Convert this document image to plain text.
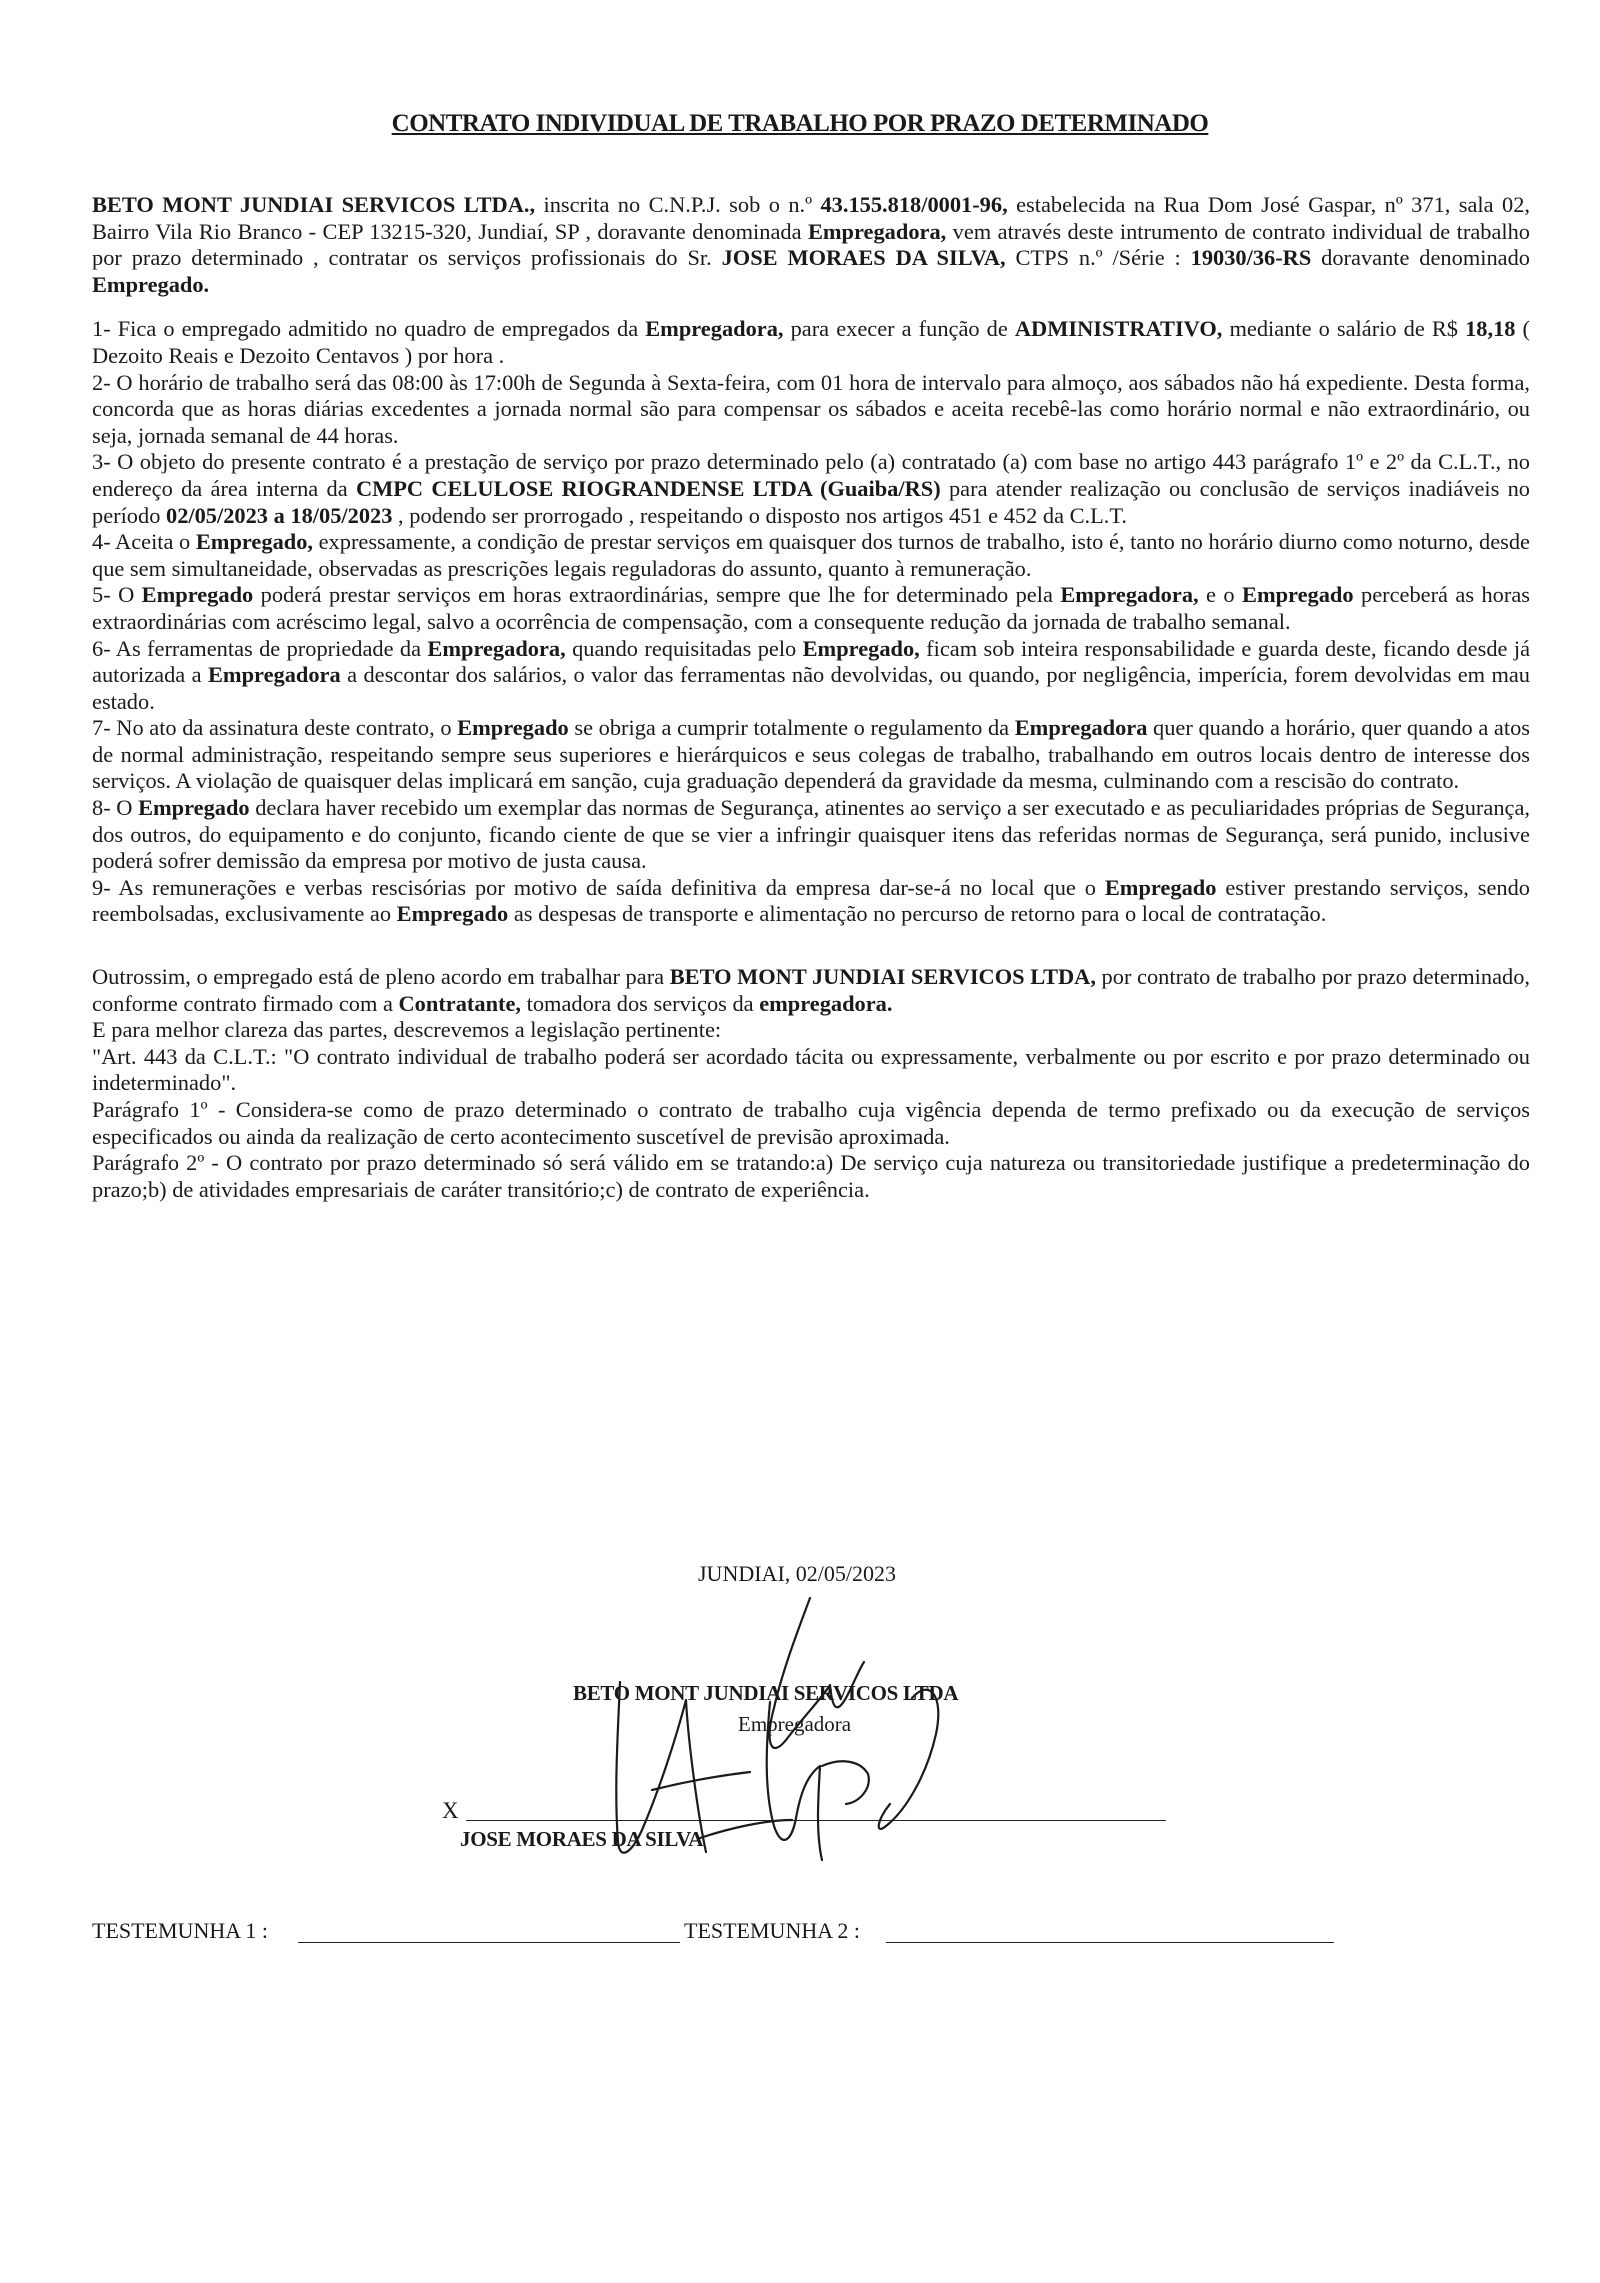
CONTRATO INDIVIDUAL DE TRABALHO POR PRAZO DETERMINADO

BETO MONT JUNDIAI SERVICOS LTDA., inscrita no C.N.P.J. sob o n.º 43.155.818/0001-96, estabelecida na Rua Dom José Gaspar, nº 371, sala 02, Bairro Vila Rio Branco - CEP 13215-320, Jundiaí, SP , doravante denominada Empregadora, vem através deste intrumento de contrato individual de trabalho por prazo determinado , contratar os serviços profissionais do Sr. JOSE MORAES DA SILVA, CTPS n.º /Série : 19030/36-RS doravante denominado Empregado.

1- Fica o empregado admitido no quadro de empregados da Empregadora, para execer a função de ADMINISTRATIVO, mediante o salário de R$ 18,18 ( Dezoito Reais e Dezoito Centavos ) por hora .

2- O horário de trabalho será das 08:00 às 17:00h de Segunda à Sexta-feira, com 01 hora de intervalo para almoço, aos sábados não há expediente. Desta forma, concorda que as horas diárias excedentes a jornada normal são para compensar os sábados e aceita recebê-las como horário normal e não extraordinário, ou seja, jornada semanal de 44 horas.

3- O objeto do presente contrato é a prestação de serviço por prazo determinado pelo (a) contratado (a) com base no artigo 443 parágrafo 1º e 2º da C.L.T., no endereço da área interna da CMPC CELULOSE RIOGRANDENSE LTDA (Guaiba/RS) para atender realização ou conclusão de serviços inadiáveis no período 02/05/2023 a 18/05/2023 , podendo ser prorrogado , respeitando o disposto nos artigos 451 e 452 da C.L.T.

4- Aceita o Empregado, expressamente, a condição de prestar serviços em quaisquer dos turnos de trabalho, isto é, tanto no horário diurno como noturno, desde que sem simultaneidade, observadas as prescrições legais reguladoras do assunto, quanto à remuneração.

5- O Empregado poderá prestar serviços em horas extraordinárias, sempre que lhe for determinado pela Empregadora, e o Empregado perceberá as horas extraordinárias com acréscimo legal, salvo a ocorrência de compensação, com a consequente redução da jornada de trabalho semanal.

6- As ferramentas de propriedade da Empregadora, quando requisitadas pelo Empregado, ficam sob inteira responsabilidade e guarda deste, ficando desde já autorizada a Empregadora a descontar dos salários, o valor das ferramentas não devolvidas, ou quando, por negligência, imperícia, forem devolvidas em mau estado.

7- No ato da assinatura deste contrato, o Empregado se obriga a cumprir totalmente o regulamento da Empregadora quer quando a horário, quer quando a atos de normal administração, respeitando sempre seus superiores e hierárquicos e seus colegas de trabalho, trabalhando em outros locais dentro de interesse dos serviços. A violação de quaisquer delas implicará em sanção, cuja graduação dependerá da gravidade da mesma, culminando com a rescisão do contrato.

8- O Empregado declara haver recebido um exemplar das normas de Segurança, atinentes ao serviço a ser executado e as peculiaridades próprias de Segurança, dos outros, do equipamento e do conjunto, ficando ciente de que se vier a infringir quaisquer itens das referidas normas de Segurança, será punido, inclusive poderá sofrer demissão da empresa por motivo de justa causa.

9- As remunerações e verbas rescisórias por motivo de saída definitiva da empresa dar-se-á no local que o Empregado estiver prestando serviços, sendo reembolsadas, exclusivamente ao Empregado as despesas de transporte e alimentação no percurso de retorno para o local de contratação.

Outrossim, o empregado está de pleno acordo em trabalhar para BETO MONT JUNDIAI SERVICOS LTDA, por contrato de trabalho por prazo determinado, conforme contrato firmado com a Contratante, tomadora dos serviços da empregadora.

E para melhor clareza das partes, descrevemos a legislação pertinente:

"Art. 443 da C.L.T.: "O contrato individual de trabalho poderá ser acordado tácita ou expressamente, verbalmente ou por escrito e por prazo determinado ou indeterminado".

Parágrafo 1º - Considera-se como de prazo determinado o contrato de trabalho cuja vigência dependa de termo prefixado ou da execução de serviços especificados ou ainda da realização de certo acontecimento suscetível de previsão aproximada.

Parágrafo 2º - O contrato por prazo determinado só será válido em se tratando:a) De serviço cuja natureza ou transitoriedade justifique a predeterminação do prazo;b) de atividades empresariais de caráter transitório;c) de contrato de experiência.

JUNDIAI, 02/05/2023
BETO MONT JUNDIAI SERVICOS LTDA
Empregadora
X
JOSE MORAES DA SILVA
TESTEMUNHA 1 :	TESTEMUNHA 2 :
